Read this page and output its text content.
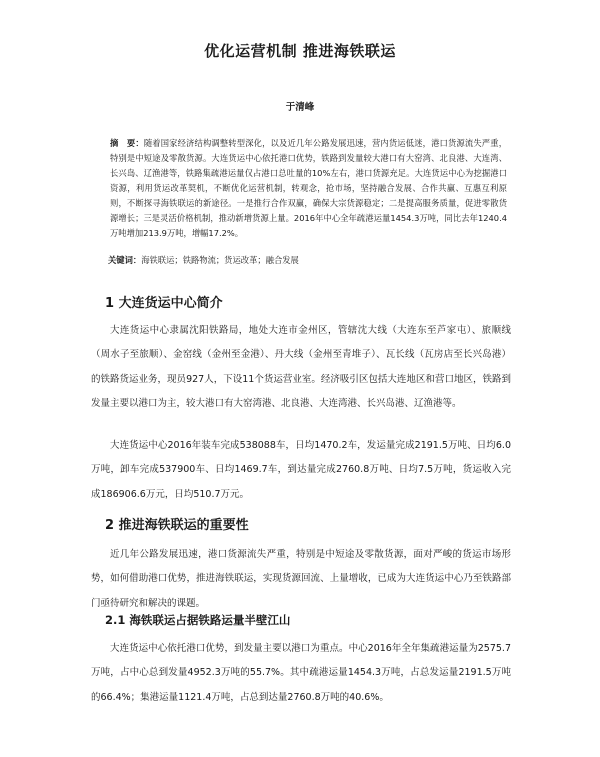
优化运营机制 推进海铁联运
于清峰
摘　要：随着国家经济结构调整转型深化，以及近几年公路发展迅速，营内货运低迷，港口货源流失严重，特别是中短途及零散货源。大连货运中心依托港口优势，铁路到发量较大港口有大窑湾、北良港、大连湾、长兴岛、辽渔港等，铁路集疏港运量仅占港口总吐量的10%左右，港口货源充足。大连货运中心为挖掘港口资源，利用货运改革契机，不断优化运营机制，转观念，抢市场，坚持融合发展、合作共赢、互惠互利原则，不断探寻海铁联运的新途径。一是推行合作双赢，确保大宗货源稳定；二是提高服务质量，促进零散货源增长；三是灵活价格机制，推动新增货源上量。2016年中心全年疏港运量1454.3万吨，同比去年1240.4万吨增加213.9万吨，增幅17.2%。
关键词：海铁联运；铁路物流；货运改革；融合发展
1 大连货运中心简介
大连货运中心隶属沈阳铁路局，地处大连市金州区，管辖沈大线（大连东至芦家屯）、旅顺线（周水子至旅顺）、金窑线（金州至金港）、丹大线（金州至青堆子）、瓦长线（瓦房店至长兴岛港）的铁路货运业务，现员927人，下设11个货运营业室。经济吸引区包括大连地区和营口地区，铁路到发量主要以港口为主，较大港口有大窑湾港、北良港、大连湾港、长兴岛港、辽渔港等。
大连货运中心2016年装车完成538088车，日均1470.2车，发运量完成2191.5万吨、日均6.0万吨，卸车完成537900车、日均1469.7车，到达量完成2760.8万吨、日均7.5万吨，货运收入完成186906.6万元，日均510.7万元。
2 推进海铁联运的重要性
近几年公路发展迅速，港口货源流失严重，特别是中短途及零散货源，面对严峻的货运市场形势，如何借助港口优势，推进海铁联运，实现货源回流、上量增收，已成为大连货运中心乃至铁路部门亟待研究和解决的课题。
2.1 海铁联运占据铁路运量半壁江山
大连货运中心依托港口优势，到发量主要以港口为重点。中心2016年全年集疏港运量为2575.7万吨，占中心总到发量4952.3万吨的55.7%。其中疏港运量1454.3万吨，占总发运量2191.5万吨的66.4%；集港运量1121.4万吨，占总到达量2760.8万吨的40.6%。
